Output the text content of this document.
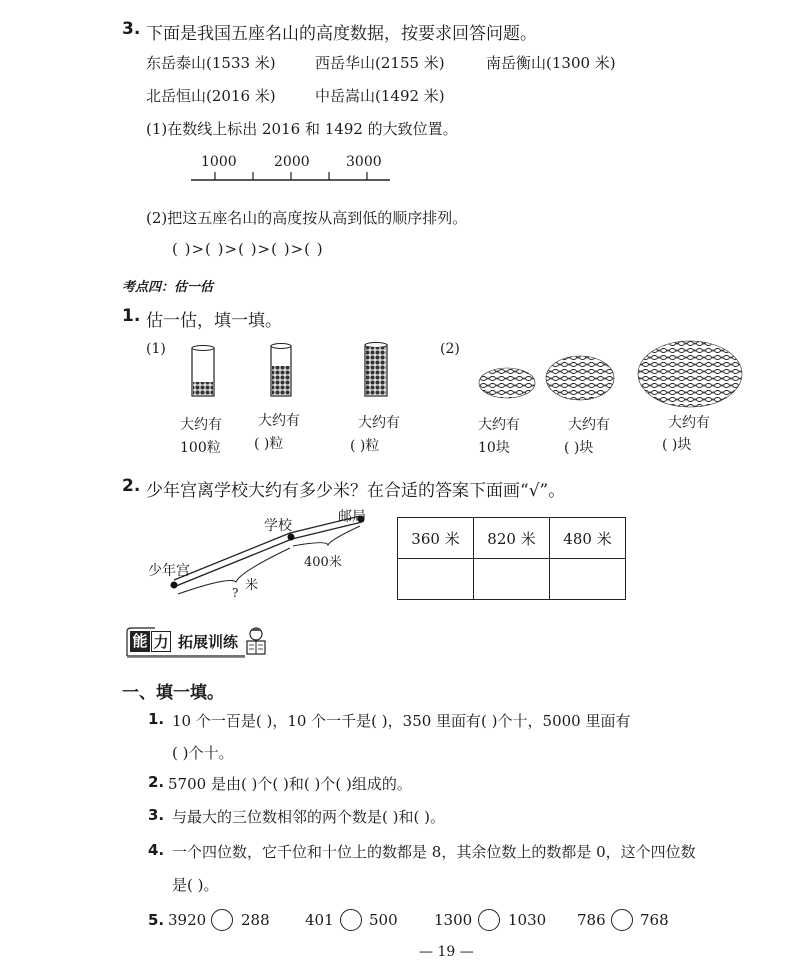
3. 下面是我国五座名山的高度数据，按要求回答问题。
东岳泰山(1533 米)	西岳华山(2155 米)	南岳衡山(1300 米)
北岳恒山(2016 米)	中岳嵩山(1492 米)
(1)在数线上标出 2016 和 1492 的大致位置。
1000	2000	3000
(2)把这五座名山的高度按从高到低的顺序排列。
( )>( )>( )>( )>( )
考点四：估一估
1. 估一估，填一填。
(1)	(2)
大约有
100粒
大约有
( )粒
大约有
( )粒
大约有
10块
大约有
( )块
大约有
( )块
2. 少年宫离学校大约有多少米？在合适的答案下面画“√”。
学校
邮局
少年宫
400米
米
?
360 米	820 米	480 米

能 力 拓展训练
一、填一填。
1. 10 个一百是( )，10 个一千是( )，350 里面有( )个十，5000 里面有
( )个十。
2. 5700 是由( )个( )和( )个( )组成的。
3. 与最大的三位数相邻的两个数是( )和( )。
4. 一个四位数，它千位和十位上的数都是 8，其余位数上的数都是 0，这个四位数
是( )。
5. 3920 288 401 500 1300 1030 786 768
— 19 —
